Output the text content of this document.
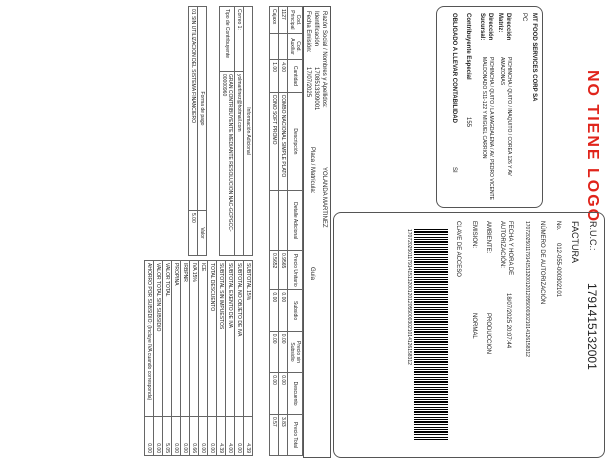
NO TIENE LOGO
MT FOOD SERVICES CORP SA
PC
Dirección Matriz:
PICHINCHA / QUITO / INAQUITO / COREA 126 Y AV AMAZONAS
Dirección Sucursal:
PICHINCHA / QUITO / LA MAGDALENA / AV. PEDRO VICENTE MALDONADO S11-122 Y MIGUEL CARRION
Contribuyente Especial
155
OBLIGADO A LLEVAR CONTABILIDAD
SI
R.U.C.:
1791415132001
FACTURA
No.
012-055-000302101
NÚMERO DE AUTORIZACIÓN
1707202501179141513200120120550003021014126158312
FECHA Y HORA DE AUTORIZACIÓN:
18/07/2025 20:07:44
AMBIENTE:
PRODUCCION
EMISION:
NORMAL
CLAVE DE ACCESO
1707202501179141513200120120550003021014126158312
Razón Social / Nombres y Apellidos:
YOLANDA MARTINEZ
Identificación
1708513309001
Fecha Emisión:
17/07/2025
Guía
Placa / Matrícula:
Cod. Principal	Cod. Auxiliar	Cantidad	Descripción	Detalle Adicional	Precio Unitario	Subsidio	Precio sin Subsidio	Descuento	Precio Total
1127		4.00	COMBO NACIONAL SIMPLE PLATO		0.9565	0.00	0.00	0.00	3.83
Cajaxx		1.00	CONO SOFT PROMO		0.5652	0.00	0.00	0.00	0.57
Información Adicional	
Correo 1:	yolmartinez@hotmail.com
Tipo de Contribuyente	GRAN CONTRIBUYENTE MEDIANTE RESOLUCION NAC-GCPGCC-00000960
Forma de pago	Valor
01 SIN UTILIZACION DEL SISTEMA FINANCIERO	5.00
SUBTOTAL 15%	4.39
SUBTOTAL NO OBJETO DE IVA	0.00
SUBTOTAL EXENTO DE IVA	4.00
SUBTOTAL SIN IMPUESTOS	4.39
TOTAL DESCUENTO	0.00
ICE	0.00
IVA 15%	0.66
IRBPNR	0.00
PROPINA	0.00
VALOR TOTAL	5.05
VALOR TOTAL SIN SUBSIDIO	0.00
AHORRO POR SUBSIDIO: (Incluye IVA cuando corresponda)	0.00
